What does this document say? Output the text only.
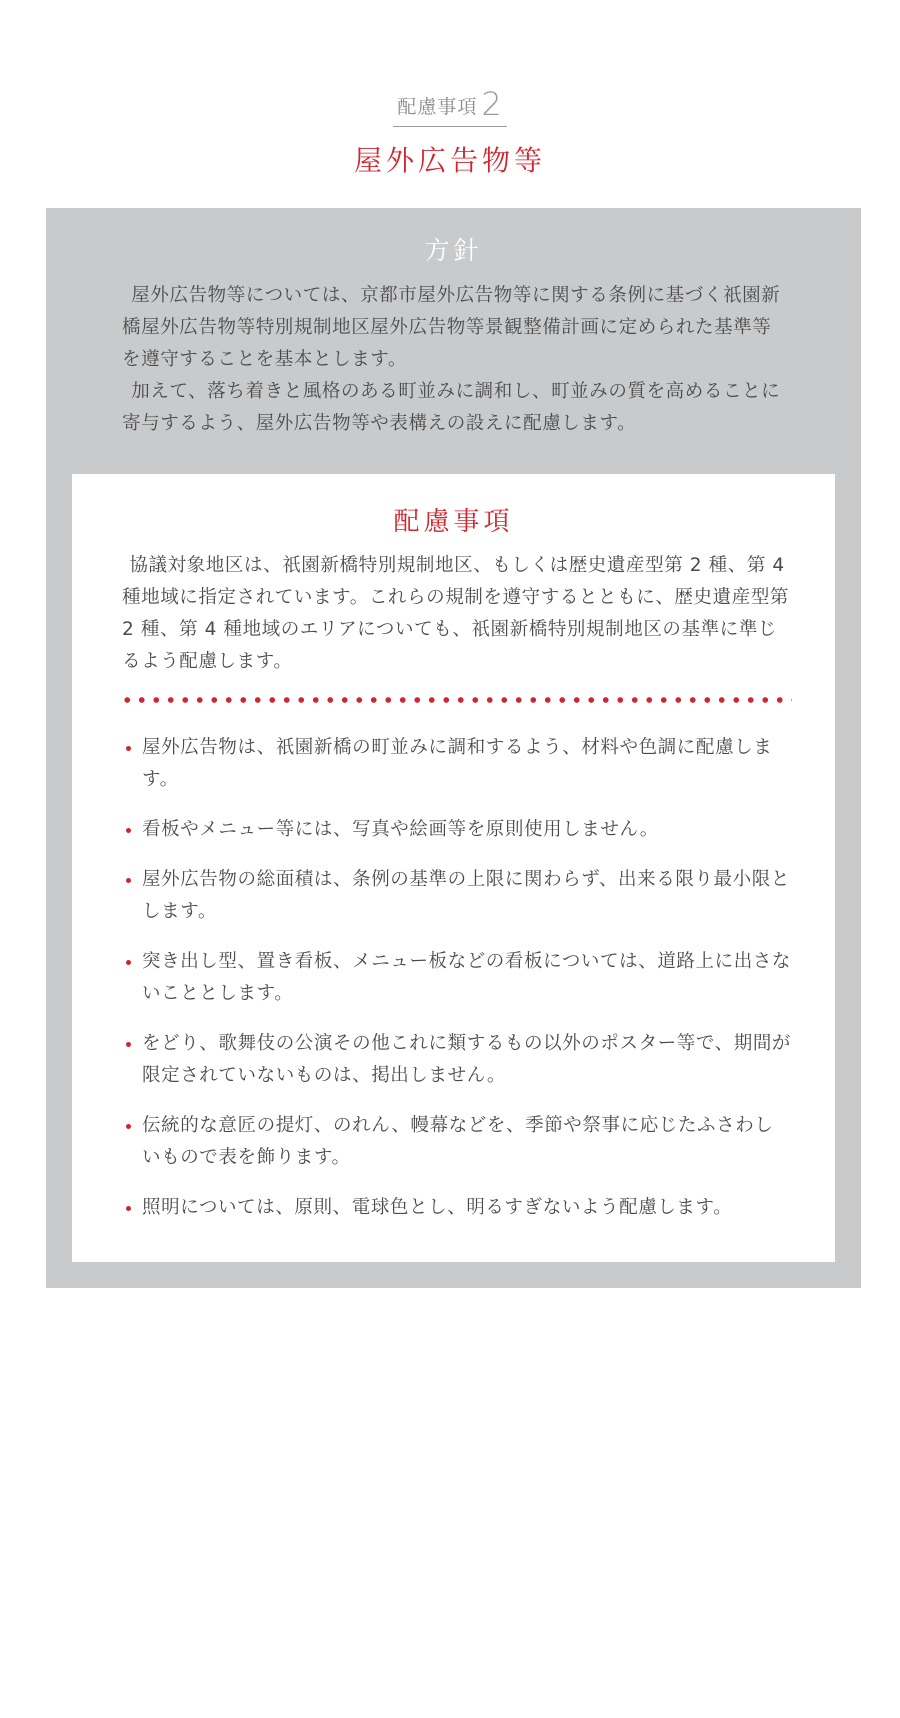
配慮事項 2
屋外広告物等
方針

屋外広告物等については、京都市屋外広告物等に関する条例に基づく祇園新橋屋外広告物等特別規制地区屋外広告物等景観整備計画に定められた基準等を遵守することを基本とします。

加えて、落ち着きと風格のある町並みに調和し、町並みの質を高めることに寄与するよう、屋外広告物等や表構えの設えに配慮します。

配慮事項

協議対象地区は、祇園新橋特別規制地区、もしくは歴史遺産型第 2 種、第 4 種地域に指定されています。これらの規制を遵守するとともに、歴史遺産型第 2 種、第 4 種地域のエリアについても、祇園新橋特別規制地区の基準に準じるよう配慮します。

屋外広告物は、祇園新橋の町並みに調和するよう、材料や色調に配慮します。
看板やメニュー等には、写真や絵画等を原則使用しません。
屋外広告物の総面積は、条例の基準の上限に関わらず、出来る限り最小限とします。
突き出し型、置き看板、メニュー板などの看板については、道路上に出さないこととします。
をどり、歌舞伎の公演その他これに類するもの以外のポスター等で、期間が限定されていないものは、掲出しません。
伝統的な意匠の提灯、のれん、幔幕などを、季節や祭事に応じたふさわしいもので表を飾ります。
照明については、原則、電球色とし、明るすぎないよう配慮します。
